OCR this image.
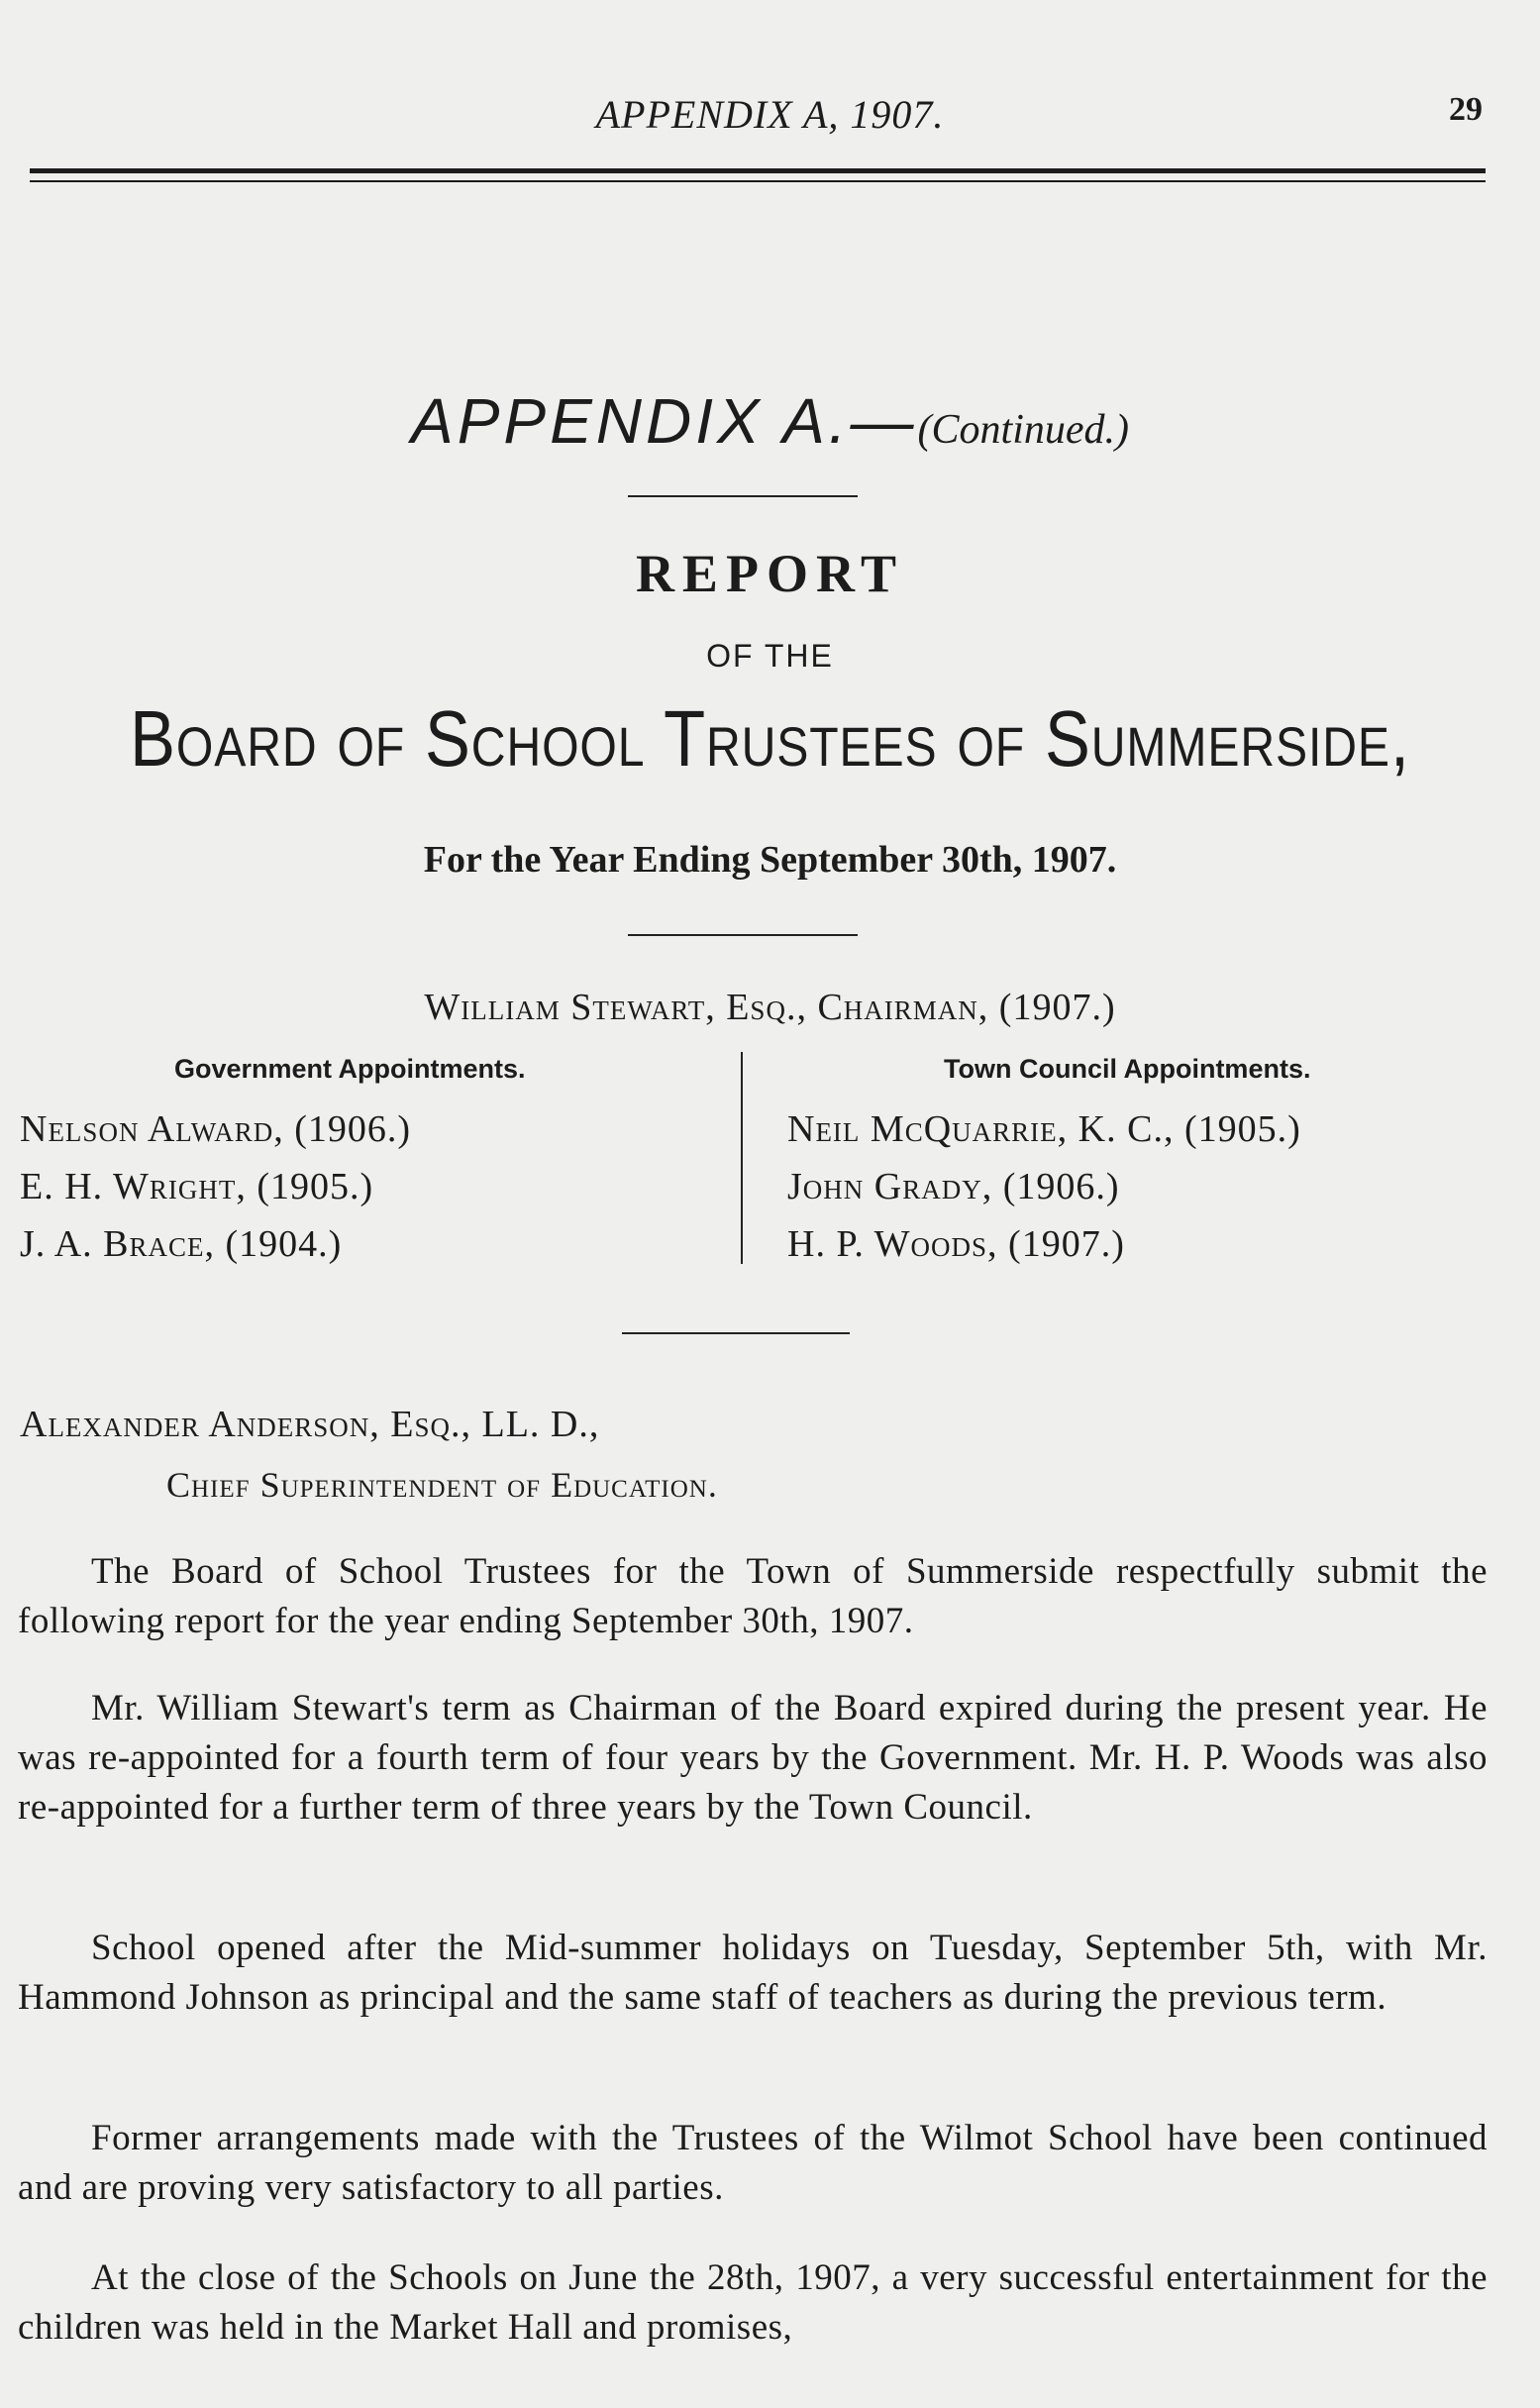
APPENDIX A, 1907.	29
APPENDIX A.—(Continued.)
REPORT
OF THE
Board of School Trustees of Summerside,
For the Year Ending September 30th, 1907.
William Stewart, Esq., Chairman, (1907.)
Government Appointments.	Town Council Appointments.
Nelson Alward, (1906.)
E. H. Wright, (1905.)
J. A. Brace, (1904.)
Neil McQuarrie, K. C., (1905.)
John Grady, (1906.)
H. P. Woods, (1907.)
Alexander Anderson, Esq., LL. D.,
Chief Superintendent of Education.
The Board of School Trustees for the Town of Summerside respectfully submit the following report for the year ending September 30th, 1907.
Mr. William Stewart's term as Chairman of the Board expired during the present year. He was re-appointed for a fourth term of four years by the Government. Mr. H. P. Woods was also re-appointed for a further term of three years by the Town Council.
School opened after the Mid-summer holidays on Tuesday, September 5th, with Mr. Hammond Johnson as principal and the same staff of teachers as during the previous term.
Former arrangements made with the Trustees of the Wilmot School have been continued and are proving very satisfactory to all parties.
At the close of the Schools on June the 28th, 1907, a very successful entertainment for the children was held in the Market Hall and promises,
